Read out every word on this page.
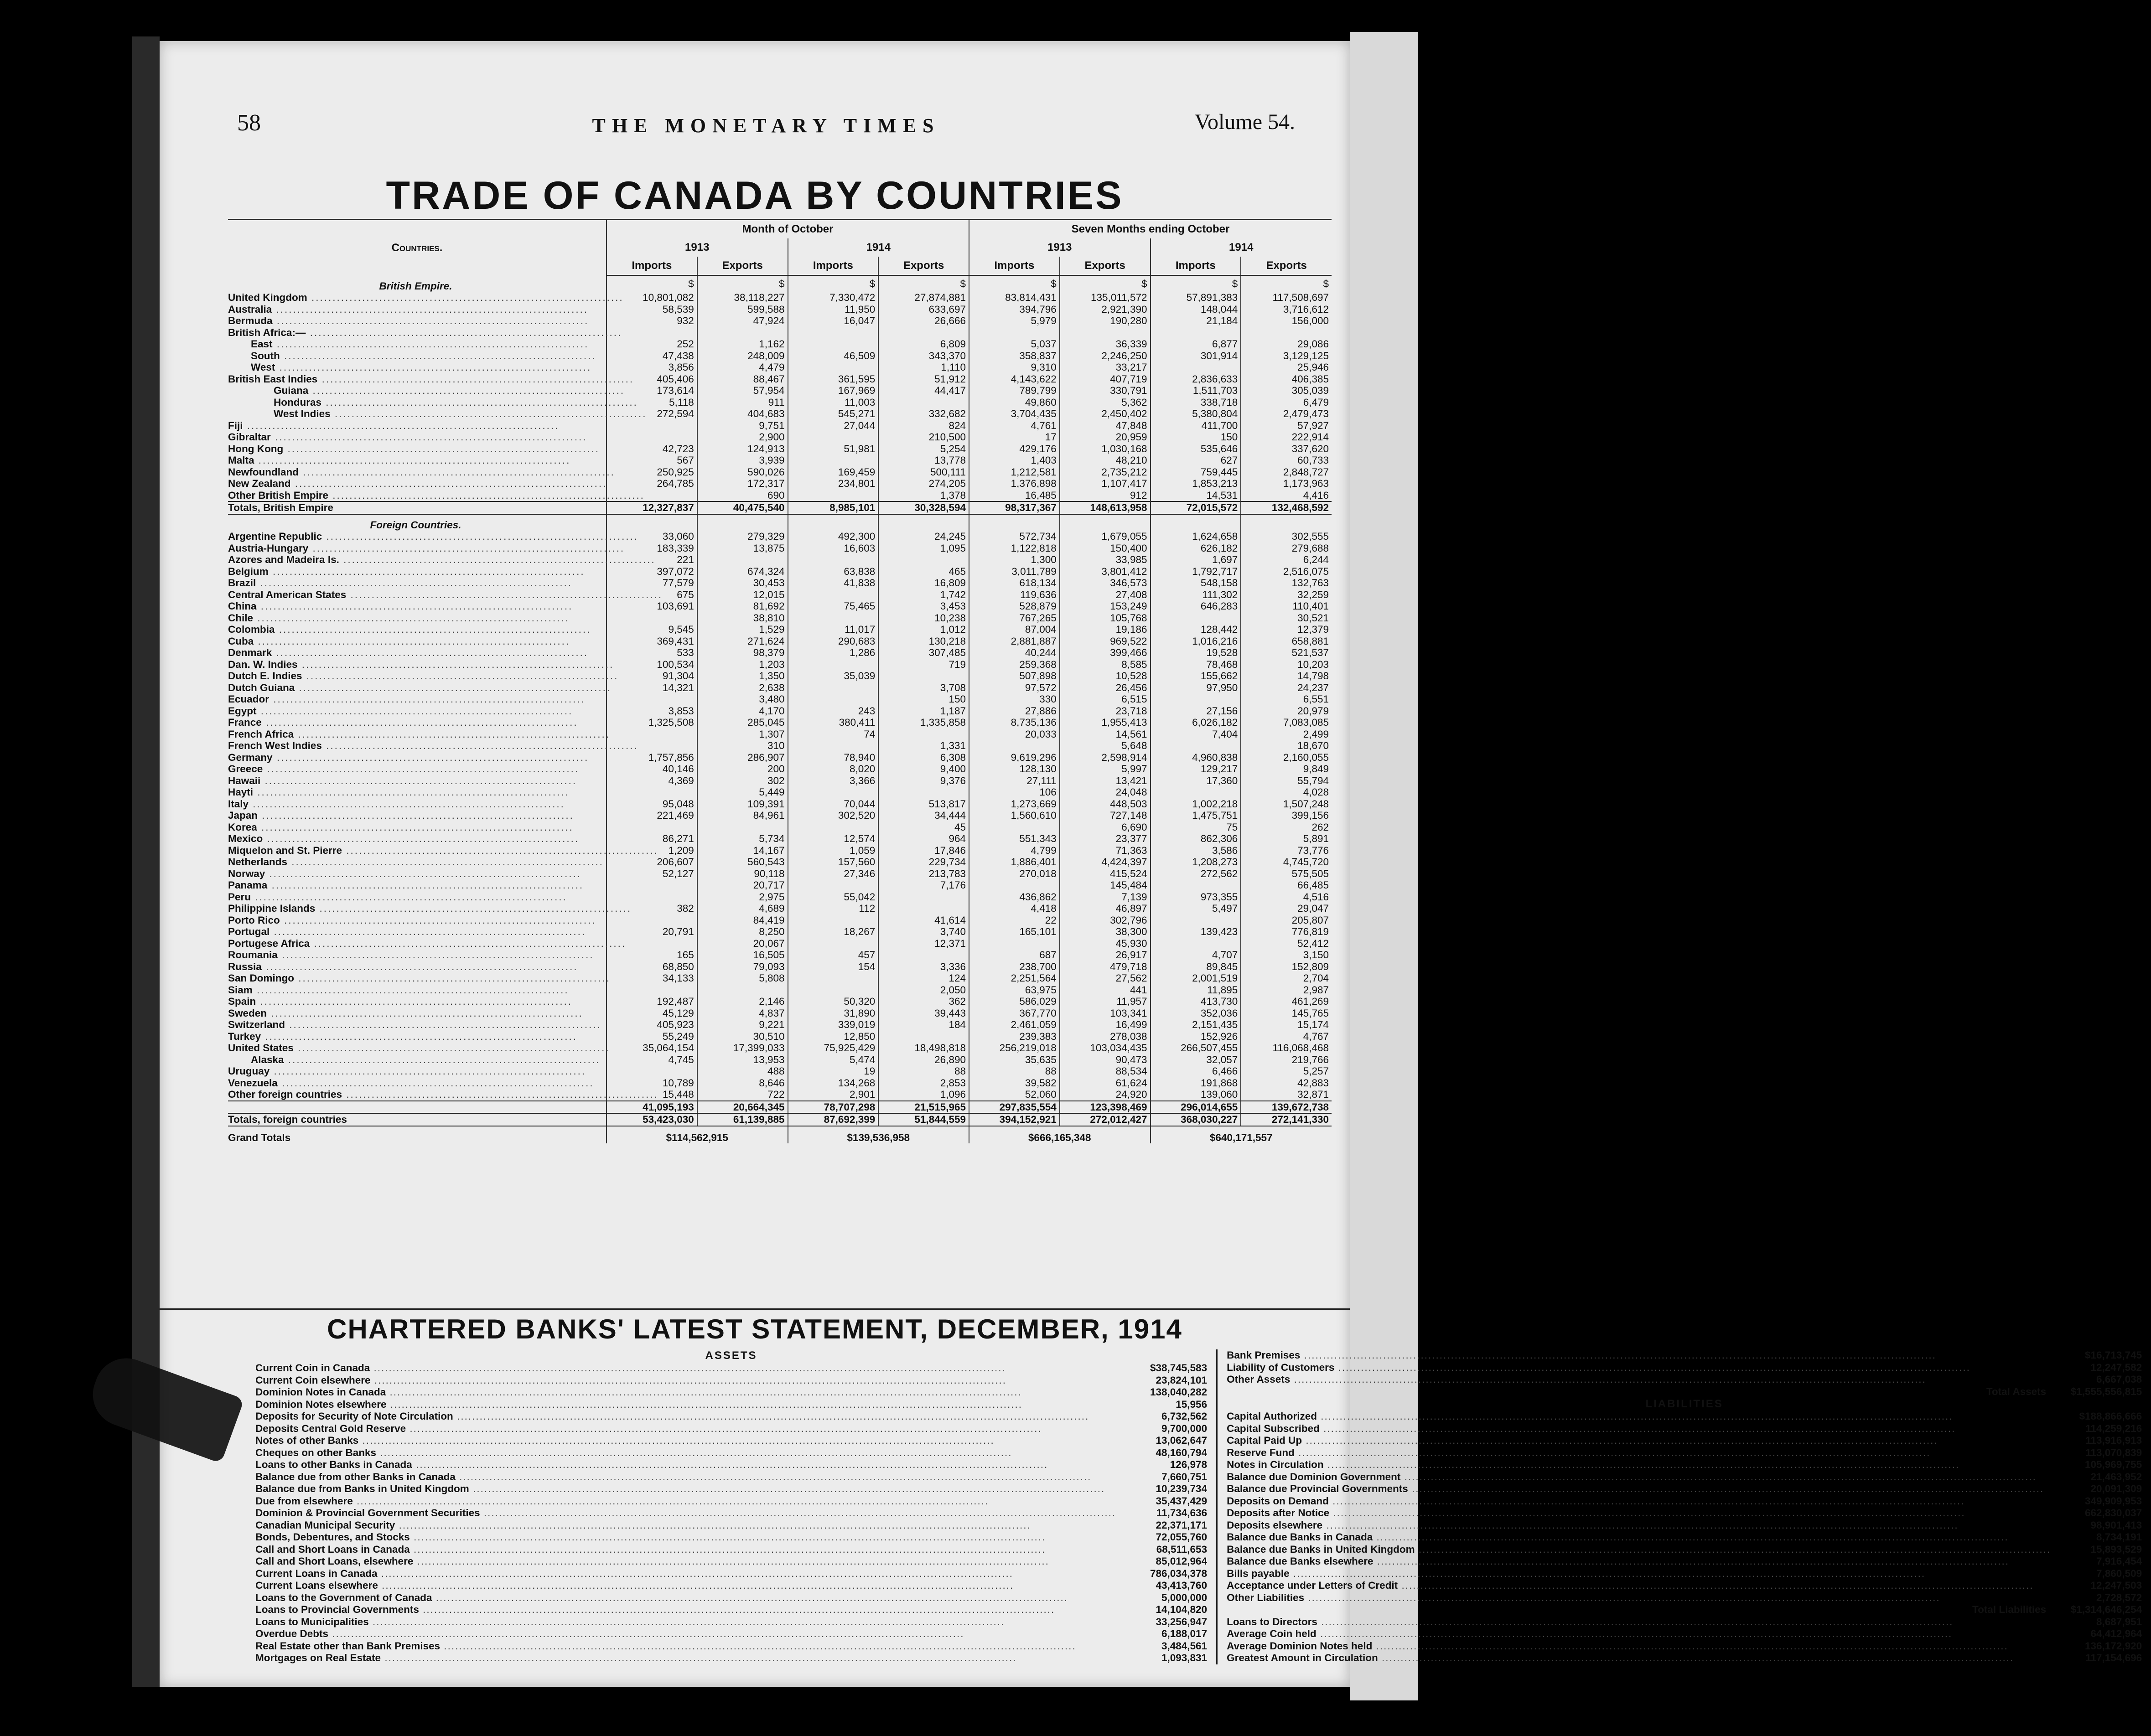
58	THE MONETARY TIMES	Volume 54.
TRADE OF CANADA BY COUNTRIES
Countries.	Month of October				Seven Months ending October			
	1913		1914		1913		1914	
	Imports	Exports	Imports	Exports	Imports	Exports	Imports	Exports
British Empire.	$	$	$	$	$	$	$	$
United Kingdom ..........................................................................	10,801,082	38,118,227	7,330,472	27,874,881	83,814,431	135,011,572	57,891,383	117,508,697
Australia ..........................................................................	58,539	599,588	11,950	633,697	394,796	2,921,390	148,044	3,716,612
Bermuda ..........................................................................	932	47,924	16,047	26,666	5,979	190,280	21,184	156,000
British Africa:— ..........................................................................								
East ..........................................................................	252	1,162		6,809	5,037	36,339	6,877	29,086
South ..........................................................................	47,438	248,009	46,509	343,370	358,837	2,246,250	301,914	3,129,125
West ..........................................................................	3,856	4,479		1,110	9,310	33,217		25,946
British East Indies ..........................................................................	405,406	88,467	361,595	51,912	4,143,622	407,719	2,836,633	406,385
Guiana ..........................................................................	173,614	57,954	167,969	44,417	789,799	330,791	1,511,703	305,039
Honduras ..........................................................................	5,118	911	11,003		49,860	5,362	338,718	6,479
West Indies ..........................................................................	272,594	404,683	545,271	332,682	3,704,435	2,450,402	5,380,804	2,479,473
Fiji ..........................................................................		9,751	27,044	824	4,761	47,848	411,700	57,927
Gibraltar ..........................................................................		2,900		210,500	17	20,959	150	222,914
Hong Kong ..........................................................................	42,723	124,913	51,981	5,254	429,176	1,030,168	535,646	337,620
Malta ..........................................................................	567	3,939		13,778	1,403	48,210	627	60,733
Newfoundland ..........................................................................	250,925	590,026	169,459	500,111	1,212,581	2,735,212	759,445	2,848,727
New Zealand ..........................................................................	264,785	172,317	234,801	274,205	1,376,898	1,107,417	1,853,213	1,173,963
Other British Empire ..........................................................................		690		1,378	16,485	912	14,531	4,416
Totals, British Empire	12,327,837	40,475,540	8,985,101	30,328,594	98,317,367	148,613,958	72,015,572	132,468,592
Foreign Countries.								
Argentine Republic ..........................................................................	33,060	279,329	492,300	24,245	572,734	1,679,055	1,624,658	302,555
Austria-Hungary ..........................................................................	183,339	13,875	16,603	1,095	1,122,818	150,400	626,182	279,688
Azores and Madeira Is. ..........................................................................	221				1,300	33,985	1,697	6,244
Belgium ..........................................................................	397,072	674,324	63,838	465	3,011,789	3,801,412	1,792,717	2,516,075
Brazil ..........................................................................	77,579	30,453	41,838	16,809	618,134	346,573	548,158	132,763
Central American States ..........................................................................	675	12,015		1,742	119,636	27,408	111,302	32,259
China ..........................................................................	103,691	81,692	75,465	3,453	528,879	153,249	646,283	110,401
Chile ..........................................................................		38,810		10,238	767,265	105,768		30,521
Colombia ..........................................................................	9,545	1,529	11,017	1,012	87,004	19,186	128,442	12,379
Cuba ..........................................................................	369,431	271,624	290,683	130,218	2,881,887	969,522	1,016,216	658,881
Denmark ..........................................................................	533	98,379	1,286	307,485	40,244	399,466	19,528	521,537
Dan. W. Indies ..........................................................................	100,534	1,203		719	259,368	8,585	78,468	10,203
Dutch E. Indies ..........................................................................	91,304	1,350	35,039		507,898	10,528	155,662	14,798
Dutch Guiana ..........................................................................	14,321	2,638		3,708	97,572	26,456	97,950	24,237
Ecuador ..........................................................................		3,480		150	330	6,515		6,551
Egypt ..........................................................................	3,853	4,170	243	1,187	27,886	23,718	27,156	20,979
France ..........................................................................	1,325,508	285,045	380,411	1,335,858	8,735,136	1,955,413	6,026,182	7,083,085
French Africa ..........................................................................		1,307	74		20,033	14,561	7,404	2,499
French West Indies ..........................................................................		310		1,331		5,648		18,670
Germany ..........................................................................	1,757,856	286,907	78,940	6,308	9,619,296	2,598,914	4,960,838	2,160,055
Greece ..........................................................................	40,146	200	8,020	9,400	128,130	5,997	129,217	9,849
Hawaii ..........................................................................	4,369	302	3,366	9,376	27,111	13,421	17,360	55,794
Hayti ..........................................................................		5,449			106	24,048		4,028
Italy ..........................................................................	95,048	109,391	70,044	513,817	1,273,669	448,503	1,002,218	1,507,248
Japan ..........................................................................	221,469	84,961	302,520	34,444	1,560,610	727,148	1,475,751	399,156
Korea ..........................................................................				45		6,690	75	262
Mexico ..........................................................................	86,271	5,734	12,574	964	551,343	23,377	862,306	5,891
Miquelon and St. Pierre ..........................................................................	1,209	14,167	1,059	17,846	4,799	71,363	3,586	73,776
Netherlands ..........................................................................	206,607	560,543	157,560	229,734	1,886,401	4,424,397	1,208,273	4,745,720
Norway ..........................................................................	52,127	90,118	27,346	213,783	270,018	415,524	272,562	575,505
Panama ..........................................................................		20,717		7,176		145,484		66,485
Peru ..........................................................................		2,975	55,042		436,862	7,139	973,355	4,516
Philippine Islands ..........................................................................	382	4,689	112		4,418	46,897	5,497	29,047
Porto Rico ..........................................................................		84,419		41,614	22	302,796		205,807
Portugal ..........................................................................	20,791	8,250	18,267	3,740	165,101	38,300	139,423	776,819
Portugese Africa ..........................................................................		20,067		12,371		45,930		52,412
Roumania ..........................................................................	165	16,505	457		687	26,917	4,707	3,150
Russia ..........................................................................	68,850	79,093	154	3,336	238,700	479,718	89,845	152,809
San Domingo ..........................................................................	34,133	5,808		124	2,251,564	27,562	2,001,519	2,704
Siam ..........................................................................				2,050	63,975	441	11,895	2,987
Spain ..........................................................................	192,487	2,146	50,320	362	586,029	11,957	413,730	461,269
Sweden ..........................................................................	45,129	4,837	31,890	39,443	367,770	103,341	352,036	145,765
Switzerland ..........................................................................	405,923	9,221	339,019	184	2,461,059	16,499	2,151,435	15,174
Turkey ..........................................................................	55,249	30,510	12,850		239,383	278,038	152,926	4,767
United States ..........................................................................	35,064,154	17,399,033	75,925,429	18,498,818	256,219,018	103,034,435	266,507,455	116,068,468
Alaska ..........................................................................	4,745	13,953	5,474	26,890	35,635	90,473	32,057	219,766
Uruguay ..........................................................................		488	19	88	88	88,534	6,466	5,257
Venezuela ..........................................................................	10,789	8,646	134,268	2,853	39,582	61,624	191,868	42,883
Other foreign countries ..........................................................................	15,448	722	2,901	1,096	52,060	24,920	139,060	32,871
	41,095,193	20,664,345	78,707,298	21,515,965	297,835,554	123,398,469	296,014,655	139,672,738
Totals, foreign countries	53,423,030	61,139,885	87,692,399	51,844,559	394,152,921	272,012,427	368,030,227	272,141,330
Grand Totals	$114,562,915		$139,536,958		$666,165,348		$640,171,557	
CHARTERED BANKS' LATEST STATEMENT, DECEMBER, 1914
ASSETS
Current Coin in Canada .....	$38,745,583
Current Coin elsewhere .....	23,824,101
Dominion Notes in Canada .....	138,040,282
Dominion Notes elsewhere .....	15,956
Deposits for Security of Note Circulation .....	6,732,562
Deposits Central Gold Reserve .....	9,700,000
Notes of other Banks .....	13,062,647
Cheques on other Banks .....	48,160,794
Loans to other Banks in Canada .....	126,978
Balance due from other Banks in Canada .....	7,660,751
Balance due from Banks in United Kingdom .....	10,239,734
Due from elsewhere .....	35,437,429
Dominion & Provincial Government Securities .....	11,734,636
Canadian Municipal Security .....	22,371,171
Bonds, Debentures, and Stocks .....	72,055,760
Call and Short Loans in Canada .....	68,511,653
Call and Short Loans, elsewhere .....	85,012,964
Current Loans in Canada .....	786,034,378
Current Loans elsewhere .....	43,413,760
Loans to the Government of Canada .....	5,000,000
Loans to Provincial Governments .....	14,104,820
Loans to Municipalities .....	33,256,947
Overdue Debts .....	6,188,017
Real Estate other than Bank Premises .....	3,484,561
Mortgages on Real Estate .....	1,093,831
Bank Premises .....	$16,713,745
Liability of Customers .....	12,247,582
Other Assets .....	6,667,038
Total Assets	$1,555,556,815
LIABILITIES
Capital Authorized .....	$188,866,666
Capital Subscribed .....	114,259,216
Capital Paid Up .....	113,916,913
Reserve Fund .....	113,070,839
Notes in Circulation .....	105,969,755
Balance due Dominion Government .....	21,463,952
Balance due Provincial Governments .....	20,091,309
Deposits on Demand .....	349,909,953
Deposits after Notice .....	662,830,037
Deposits elsewhere .....	98,901,413
Balance due Banks in Canada .....	8,734,191
Balance due Banks in United Kingdom .....	15,893,529
Balance due Banks elsewhere .....	7,916,454
Bills payable .....	7,860,509
Acceptance under Letters of Credit .....	12,247,503
Other Liabilities .....	2,728,572
Total Liabilities	$1,314,646,254
Loans to Directors .....	8,687,951
Average Coin held .....	64,412,964
Average Dominion Notes held .....	136,172,920
Greatest Amount in Circulation .....	117,154,696
